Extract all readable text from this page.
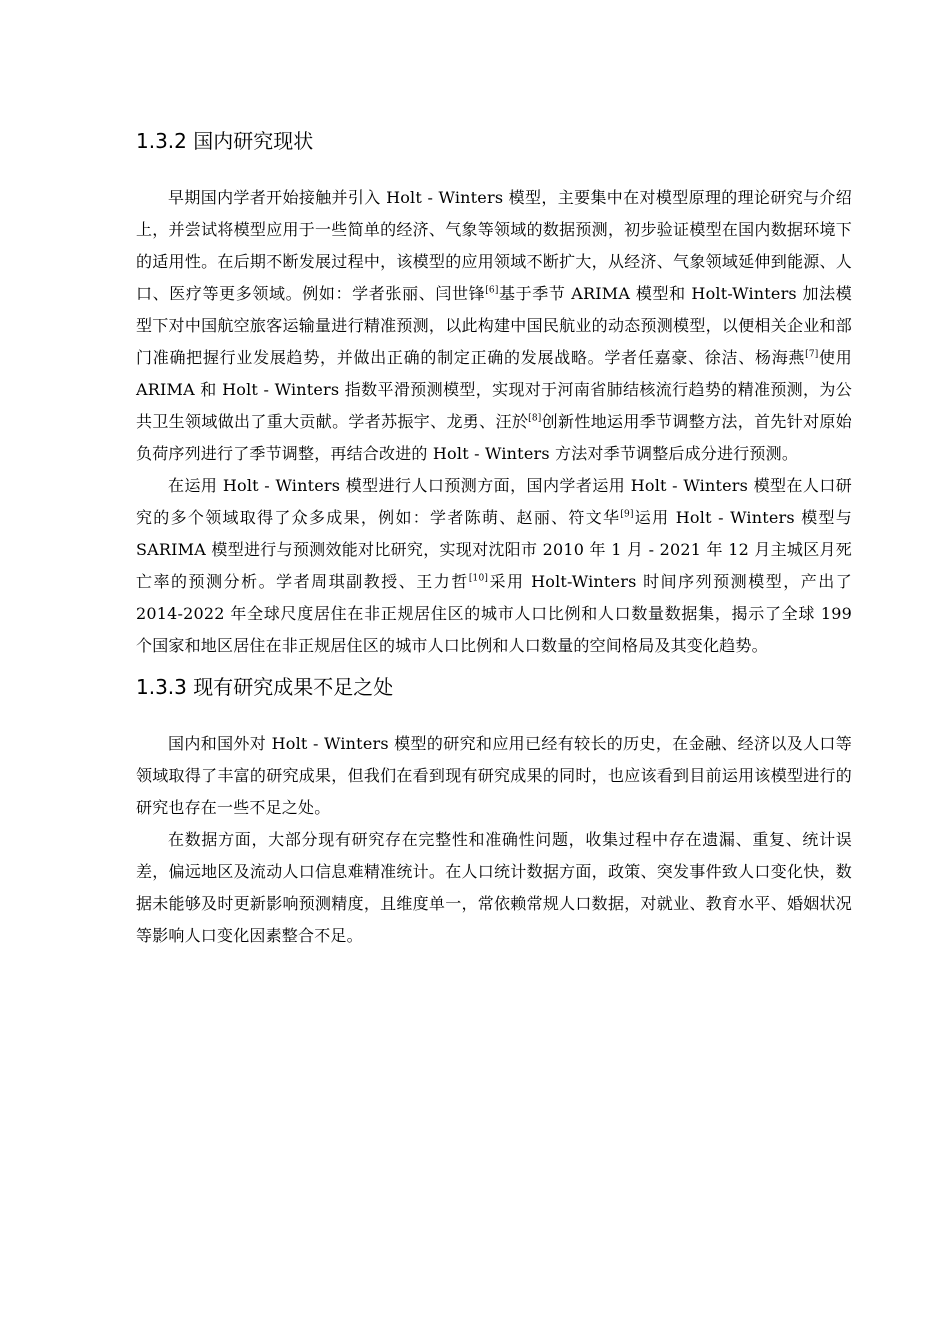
1.3.2 国内研究现状

早期国内学者开始接触并引入 Holt - Winters 模型，主要集中在对模型原理的理论研究与介绍上，并尝试将模型应用于一些简单的经济、气象等领域的数据预测，初步验证模型在国内数据环境下的适用性。在后期不断发展过程中，该模型的应用领域不断扩大，从经济、气象领域延伸到能源、人口、医疗等更多领域。例如：学者张丽、闫世锋[6]基于季节 ARIMA 模型和 Holt-Winters 加法模型下对中国航空旅客运输量进行精准预测，以此构建中国民航业的动态预测模型，以便相关企业和部门准确把握行业发展趋势，并做出正确的制定正确的发展战略。学者任嘉豪、徐洁、杨海燕[7]使用 ARIMA 和 Holt - Winters 指数平滑预测模型，实现对于河南省肺结核流行趋势的精准预测，为公共卫生领域做出了重大贡献。学者苏振宇、龙勇、汪於[8]创新性地运用季节调整方法，首先针对原始负荷序列进行了季节调整，再结合改进的 Holt - Winters 方法对季节调整后成分进行预测。

在运用 Holt - Winters 模型进行人口预测方面，国内学者运用 Holt - Winters 模型在人口研究的多个领域取得了众多成果，例如：学者陈萌、赵丽、符文华[9]运用 Holt - Winters 模型与 SARIMA 模型进行与预测效能对比研究，实现对沈阳市 2010 年 1 月 - 2021 年 12 月主城区月死亡率的预测分析。学者周琪副教授、王力哲[10]采用 Holt-Winters 时间序列预测模型，产出了 2014-2022 年全球尺度居住在非正规居住区的城市人口比例和人口数量数据集，揭示了全球 199 个国家和地区居住在非正规居住区的城市人口比例和人口数量的空间格局及其变化趋势。

1.3.3 现有研究成果不足之处

国内和国外对 Holt - Winters 模型的研究和应用已经有较长的历史，在金融、经济以及人口等领域取得了丰富的研究成果，但我们在看到现有研究成果的同时，也应该看到目前运用该模型进行的研究也存在一些不足之处。

在数据方面，大部分现有研究存在完整性和准确性问题，收集过程中存在遗漏、重复、统计误差，偏远地区及流动人口信息难精准统计。在人口统计数据方面，政策、突发事件致人口变化快，数据未能够及时更新影响预测精度，且维度单一，常依赖常规人口数据，对就业、教育水平、婚姻状况等影响人口变化因素整合不足。
